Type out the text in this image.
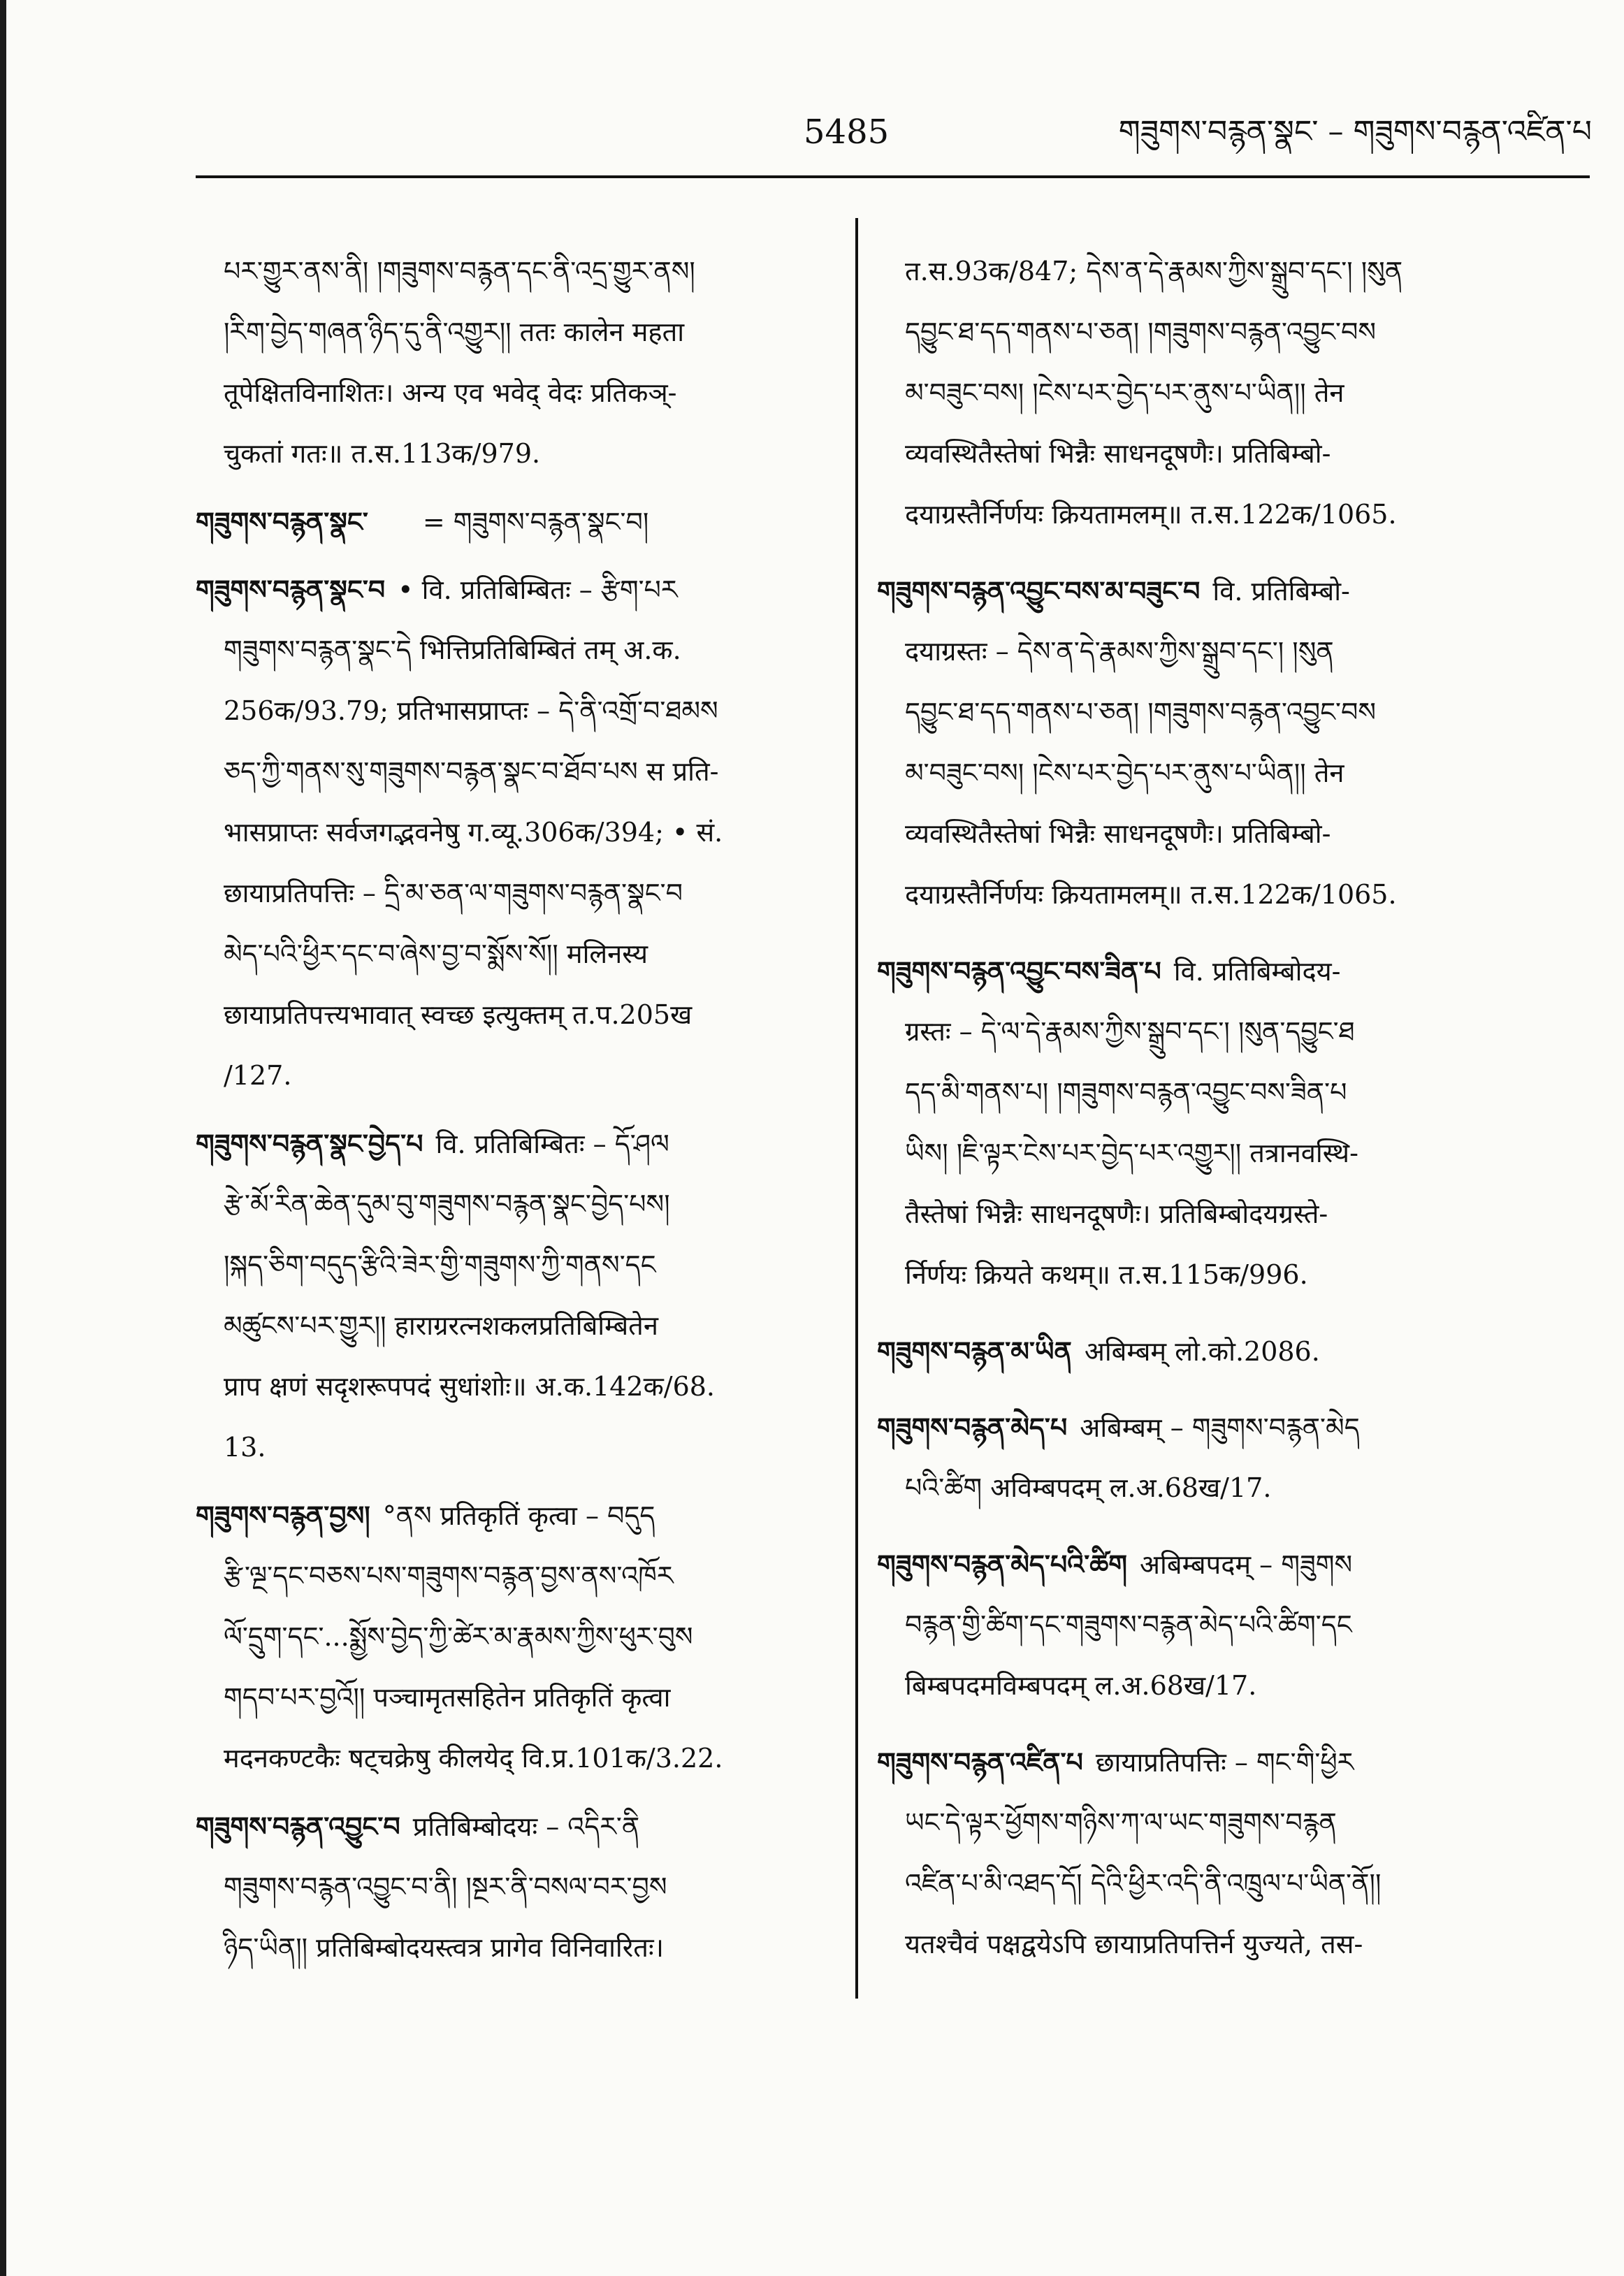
5485	གཟུགས་བརྙན་སྣང་ – གཟུགས་བརྙན་འཛིན་པ
པར་གྱུར་ནས་ནི། །གཟུགས་བརྙན་དང་ནི་འདྲ་གྱུར་ནས།
།རིག་བྱེད་གཞན་ཉིད་དུ་ནི་འགྱུར།། ततः कालेन महता
तूपेक्षितविनाशितः। अन्य एव भवेद् वेदः प्रतिकञ्-
चुकतां गतः॥ त.स.113क/979.
གཟུགས་བརྙན་སྣང་ = གཟུགས་བརྙན་སྣང་བ།
གཟུགས་བརྙན་སྣང་བ • वि. प्रतिबिम्बितः – རྩིག་པར
གཟུགས་བརྙན་སྣང་དེ भित्तिप्रतिबिम्बितं तम् अ.क.
256क/93.79; प्रतिभासप्राप्तः – དེ་ནི་འགྲོ་བ་ཐམས
ཅད་ཀྱི་གནས་སུ་གཟུགས་བརྙན་སྣང་བ་ཐོབ་པས स प्रति-
भासप्राप्तः सर्वजगद्भवनेषु ग.व्यू.306क/394; • सं.
छायाप्रतिपत्तिः – དྲི་མ་ཅན་ལ་གཟུགས་བརྙན་སྣང་བ
མེད་པའི་ཕྱིར་དང་བ་ཞེས་བྱ་བ་སྨོས་སོ།། मलिनस्य
छायाप्रतिपत्त्यभावात् स्वच्छ इत्युक्तम् त.प.205ख
/127.
གཟུགས་བརྙན་སྣང་བྱེད་པ वि. प्रतिबिम्बितः – དོ་ཤལ
རྩེ་མོ་རིན་ཆེན་དུམ་བུ་གཟུགས་བརྙན་སྣང་བྱེད་པས།
།སྐད་ཅིག་བདུད་རྩིའི་ཟེར་གྱི་གཟུགས་ཀྱི་གནས་དང
མཚུངས་པར་གྱུར།། हाराग्ररत्नशकलप्रतिबिम्बितेन
प्राप क्षणं सदृशरूपपदं सुधांशोः॥ अ.क.142क/68.
13.
གཟུགས་བརྙན་བྱས། °ནས प्रतिकृतिं कृत्वा – བདུད
རྩི་ལྔ་དང་བཅས་པས་གཟུགས་བརྙན་བྱས་ནས་འཁོར
ལོ་དྲུག་དང་...སྨྱོས་བྱེད་ཀྱི་ཚེར་མ་རྣམས་ཀྱིས་ཕུར་བུས
གདབ་པར་བྱའོ།། पञ्चामृतसहितेन प्रतिकृतिं कृत्वा
मदनकण्टकैः षट्चक्रेषु कीलयेद् वि.प्र.101क/3.22.
གཟུགས་བརྙན་འབྱུང་བ प्रतिबिम्बोदयः – འདིར་ནི
གཟུགས་བརྙན་འབྱུང་བ་ནི། །སྔར་ནི་བསལ་བར་བྱས
ཉིད་ཡིན།། प्रतिबिम्बोदयस्त्वत्र प्रागेव विनिवारितः।
त.स.93क/847; དེས་ན་དེ་རྣམས་ཀྱིས་སྒྲུབ་དང་། །སུན
དབྱུང་ཐ་དད་གནས་པ་ཅན། །གཟུགས་བརྙན་འབྱུང་བས
མ་བཟུང་བས། །ངེས་པར་བྱེད་པར་ནུས་པ་ཡིན།། तेन
व्यवस्थितैस्तेषां भिन्नैः साधनदूषणैः। प्रतिबिम्बो-
दयाग्रस्तैर्निर्णयः क्रियतामलम्॥ त.स.122क/1065.
གཟུགས་བརྙན་འབྱུང་བས་མ་བཟུང་བ वि. प्रतिबिम्बो-
दयाग्रस्तः – དེས་ན་དེ་རྣམས་ཀྱིས་སྒྲུབ་དང་། །སུན
དབྱུང་ཐ་དད་གནས་པ་ཅན། །གཟུགས་བརྙན་འབྱུང་བས
མ་བཟུང་བས། །ངེས་པར་བྱེད་པར་ནུས་པ་ཡིན།། तेन
व्यवस्थितैस्तेषां भिन्नैः साधनदूषणैः। प्रतिबिम्बो-
दयाग्रस्तैर्निर्णयः क्रियतामलम्॥ त.स.122क/1065.
གཟུགས་བརྙན་འབྱུང་བས་ཟིན་པ वि. प्रतिबिम्बोदय-
ग्रस्तः – དེ་ལ་དེ་རྣམས་ཀྱིས་སྒྲུབ་དང་། །སུན་དབྱུང་ཐ
དད་མི་གནས་པ། །གཟུགས་བརྙན་འབྱུང་བས་ཟིན་པ
ཡིས། །ཇི་ལྟར་ངེས་པར་བྱེད་པར་འགྱུར།། तत्रानवस्थि-
तैस्तेषां भिन्नैः साधनदूषणैः। प्रतिबिम्बोदयग्रस्ते-
र्निर्णयः क्रियते कथम्॥ त.स.115क/996.
གཟུགས་བརྙན་མ་ཡིན अबिम्बम् लो.को.2086.
གཟུགས་བརྙན་མེད་པ अबिम्बम् – གཟུགས་བརྙན་མེད
པའི་ཚིག अविम्बपदम् ल.अ.68ख/17.
གཟུགས་བརྙན་མེད་པའི་ཚིག अबिम्बपदम् – གཟུགས
བརྙན་གྱི་ཚིག་དང་གཟུགས་བརྙན་མེད་པའི་ཚིག་དང
बिम्बपदमविम्बपदम् ल.अ.68ख/17.
གཟུགས་བརྙན་འཛིན་པ छायाप्रतिपत्तिः – གང་གི་ཕྱིར
ཡང་དེ་ལྟར་ཕྱོགས་གཉིས་ཀ་ལ་ཡང་གཟུགས་བརྙན
འཛིན་པ་མི་འཐད་དོ། དེའི་ཕྱིར་འདི་ནི་འཁྲུལ་པ་ཡིན་ནོ།།
यतश्चैवं पक्षद्वयेऽपि छायाप्रतिपत्तिर्न युज्यते, तस-
